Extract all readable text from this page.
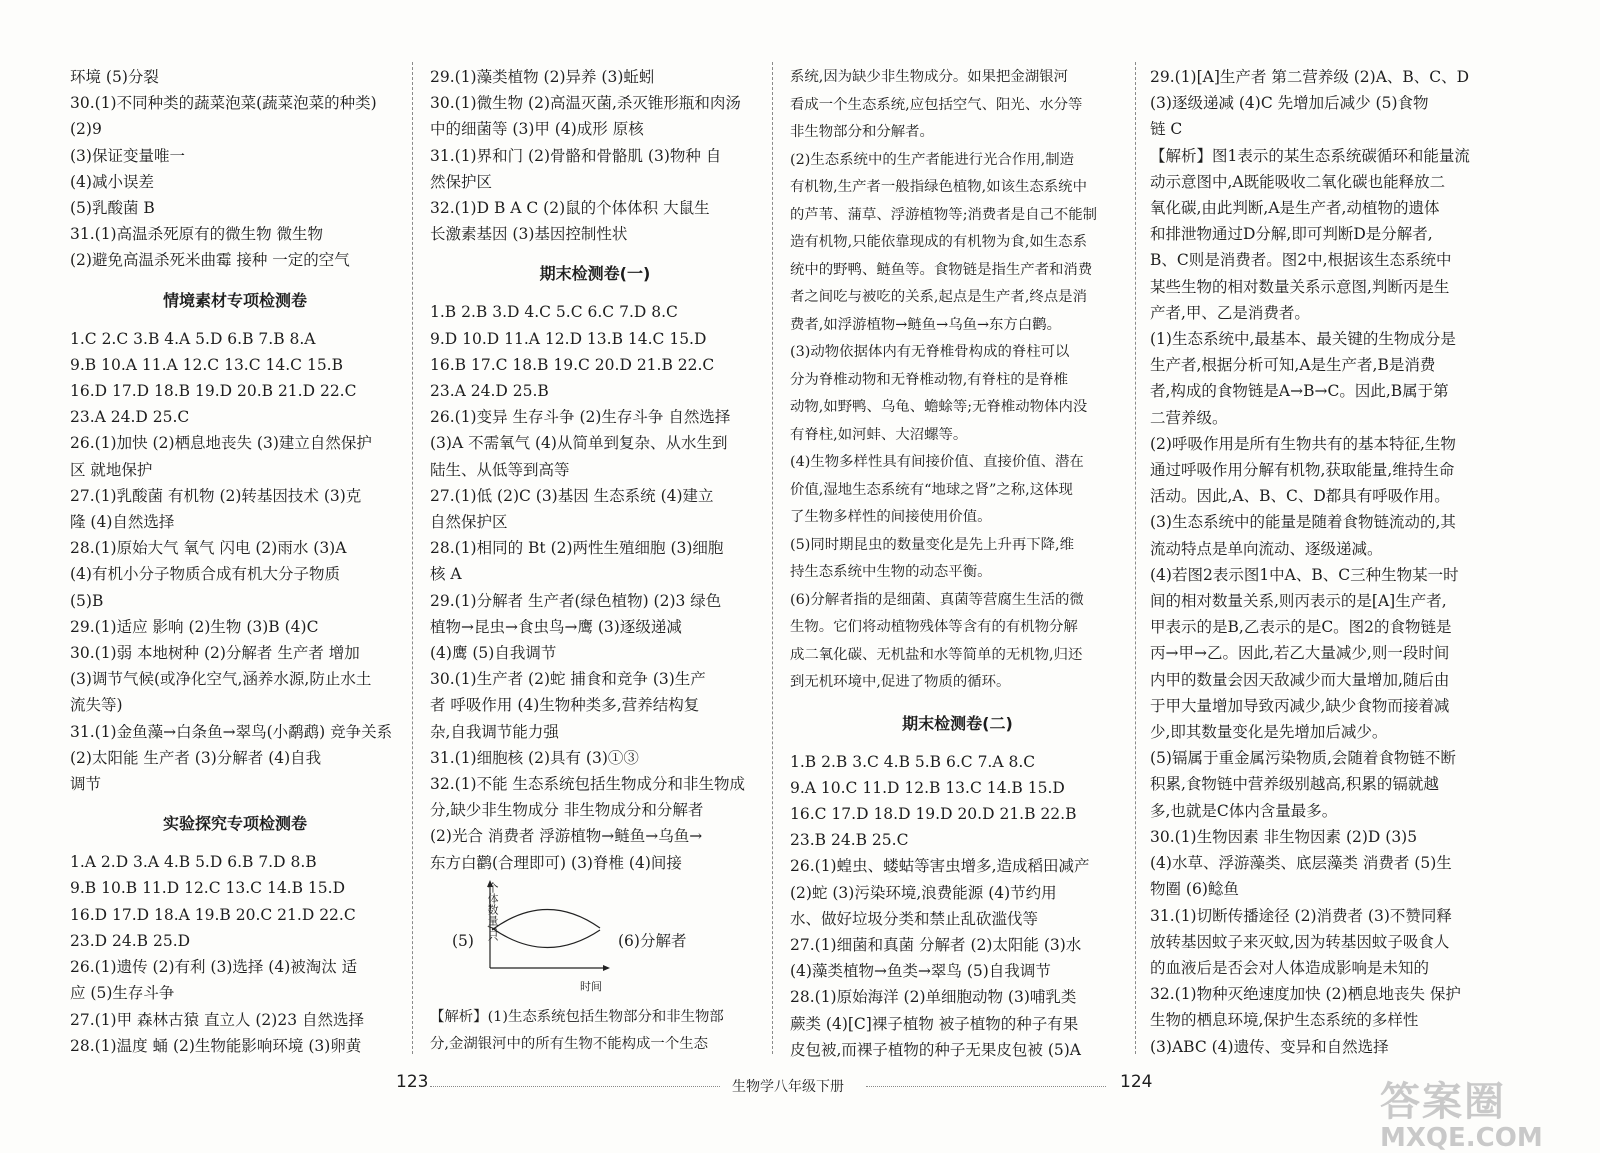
环境 (5)分裂
30.(1)不同种类的蔬菜泡菜(蔬菜泡菜的种类)
(2)9
(3)保证变量唯一
(4)减小误差
(5)乳酸菌 B
31.(1)高温杀死原有的微生物 微生物
(2)避免高温杀死米曲霉 接种 一定的空气
情境素材专项检测卷
1.C 2.C 3.B 4.A 5.D 6.B 7.B 8.A
9.B 10.A 11.A 12.C 13.C 14.C 15.B
16.D 17.D 18.B 19.D 20.B 21.D 22.C
23.A 24.D 25.C
26.(1)加快 (2)栖息地丧失 (3)建立自然保护
区 就地保护
27.(1)乳酸菌 有机物 (2)转基因技术 (3)克
隆 (4)自然选择
28.(1)原始大气 氧气 闪电 (2)雨水 (3)A
(4)有机小分子物质合成有机大分子物质
(5)B
29.(1)适应 影响 (2)生物 (3)B (4)C
30.(1)弱 本地树种 (2)分解者 生产者 增加
(3)调节气候(或净化空气,涵养水源,防止水土
流失等)
31.(1)金鱼藻→白条鱼→翠鸟(小鹬鹉) 竞争关系
(2)太阳能 生产者 (3)分解者 (4)自我
调节
实验探究专项检测卷
1.A 2.D 3.A 4.B 5.D 6.B 7.D 8.B
9.B 10.B 11.D 12.C 13.C 14.B 15.D
16.D 17.D 18.A 19.B 20.C 21.D 22.C
23.D 24.B 25.D
26.(1)遗传 (2)有利 (3)选择 (4)被淘汰 适
应 (5)生存斗争
27.(1)甲 森林古猿 直立人 (2)23 自然选择
28.(1)温度 蛹 (2)生物能影响环境 (3)卵黄
29.(1)藻类植物 (2)异养 (3)蚯蚓
30.(1)微生物 (2)高温灭菌,杀灭锥形瓶和肉汤
中的细菌等 (3)甲 (4)成形 原核
31.(1)界和门 (2)骨骼和骨骼肌 (3)物种 自
然保护区
32.(1)D B A C (2)鼠的个体体积 大鼠生
长激素基因 (3)基因控制性状
期末检测卷(一)
1.B 2.B 3.D 4.C 5.C 6.C 7.D 8.C
9.D 10.D 11.A 12.D 13.B 14.C 15.D
16.B 17.C 18.B 19.C 20.D 21.B 22.C
23.A 24.D 25.B
26.(1)变异 生存斗争 (2)生存斗争 自然选择
(3)A 不需氧气 (4)从简单到复杂、从水生到
陆生、从低等到高等
27.(1)低 (2)C (3)基因 生态系统 (4)建立
自然保护区
28.(1)相同的 Bt (2)两性生殖细胞 (3)细胞
核 A
29.(1)分解者 生产者(绿色植物) (2)3 绿色
植物→昆虫→食虫鸟→鹰 (3)逐级递减
(4)鹰 (5)自我调节
30.(1)生产者 (2)蛇 捕食和竞争 (3)生产
者 呼吸作用 (4)生物种类多,营养结构复
杂,自我调节能力强
31.(1)细胞核 (2)具有 (3)①③
32.(1)不能 生态系统包括生物成分和非生物成
分,缺少非生物成分 非生物成分和分解者
(2)光合 消费者 浮游植物→鲢鱼→乌鱼→
东方白鹳(合理即可) (3)脊椎 (4)间接
(5)
个体数量/只
时间
(6)分解者
【解析】(1)生态系统包括生物部分和非生物部
分,金湖银河中的所有生物不能构成一个生态
系统,因为缺少非生物成分。如果把金湖银河
看成一个生态系统,应包括空气、阳光、水分等
非生物部分和分解者。
(2)生态系统中的生产者能进行光合作用,制造
有机物,生产者一般指绿色植物,如该生态系统中
的芦苇、蒲草、浮游植物等;消费者是自己不能制
造有机物,只能依靠现成的有机物为食,如生态系
统中的野鸭、鲢鱼等。食物链是指生产者和消费
者之间吃与被吃的关系,起点是生产者,终点是消
费者,如浮游植物→鲢鱼→乌鱼→东方白鹳。
(3)动物依据体内有无脊椎骨构成的脊柱可以
分为脊椎动物和无脊椎动物,有脊柱的是脊椎
动物,如野鸭、乌龟、蟾蜍等;无脊椎动物体内没
有脊柱,如河蚌、大沼螺等。
(4)生物多样性具有间接价值、直接价值、潜在
价值,湿地生态系统有“地球之肾”之称,这体现
了生物多样性的间接使用价值。
(5)同时期昆虫的数量变化是先上升再下降,维
持生态系统中生物的动态平衡。
(6)分解者指的是细菌、真菌等营腐生生活的微
生物。它们将动植物残体等含有的有机物分解
成二氧化碳、无机盐和水等简单的无机物,归还
到无机环境中,促进了物质的循环。
期末检测卷(二)
1.B 2.B 3.C 4.B 5.B 6.C 7.A 8.C
9.A 10.C 11.D 12.B 13.C 14.B 15.D
16.C 17.D 18.D 19.D 20.D 21.B 22.B
23.B 24.B 25.C
26.(1)蝗虫、蝼蛄等害虫增多,造成稻田减产
(2)蛇 (3)污染环境,浪费能源 (4)节约用
水、做好垃圾分类和禁止乱砍滥伐等
27.(1)细菌和真菌 分解者 (2)太阳能 (3)水
(4)藻类植物→鱼类→翠鸟 (5)自我调节
28.(1)原始海洋 (2)单细胞动物 (3)哺乳类
蕨类 (4)[C]裸子植物 被子植物的种子有果
皮包被,而裸子植物的种子无果皮包被 (5)A
29.(1)[A]生产者 第二营养级 (2)A、B、C、D
(3)逐级递减 (4)C 先增加后减少 (5)食物
链 C
【解析】图1表示的某生态系统碳循环和能量流
动示意图中,A既能吸收二氧化碳也能释放二
氧化碳,由此判断,A是生产者,动植物的遗体
和排泄物通过D分解,即可判断D是分解者,
B、C则是消费者。图2中,根据该生态系统中
某些生物的相对数量关系示意图,判断丙是生
产者,甲、乙是消费者。
(1)生态系统中,最基本、最关键的生物成分是
生产者,根据分析可知,A是生产者,B是消费
者,构成的食物链是A→B→C。因此,B属于第
二营养级。
(2)呼吸作用是所有生物共有的基本特征,生物
通过呼吸作用分解有机物,获取能量,维持生命
活动。因此,A、B、C、D都具有呼吸作用。
(3)生态系统中的能量是随着食物链流动的,其
流动特点是单向流动、逐级递减。
(4)若图2表示图1中A、B、C三种生物某一时
间的相对数量关系,则丙表示的是[A]生产者,
甲表示的是B,乙表示的是C。图2的食物链是
丙→甲→乙。因此,若乙大量减少,则一段时间
内甲的数量会因天敌减少而大量增加,随后由
于甲大量增加导致丙减少,缺少食物而接着减
少,即其数量变化是先增加后减少。
(5)镉属于重金属污染物质,会随着食物链不断
积累,食物链中营养级别越高,积累的镉就越
多,也就是C体内含量最多。
30.(1)生物因素 非生物因素 (2)D (3)5
(4)水草、浮游藻类、底层藻类 消费者 (5)生
物圈 (6)鲶鱼
31.(1)切断传播途径 (2)消费者 (3)不赞同释
放转基因蚊子来灭蚊,因为转基因蚊子吸食人
的血液后是否会对人体造成影响是未知的
32.(1)物种灭绝速度加快 (2)栖息地丧失 保护
生物的栖息环境,保护生态系统的多样性
(3)ABC (4)遗传、变异和自然选择
123	生物学八年级下册	124	答案圈
MXQE.COM
